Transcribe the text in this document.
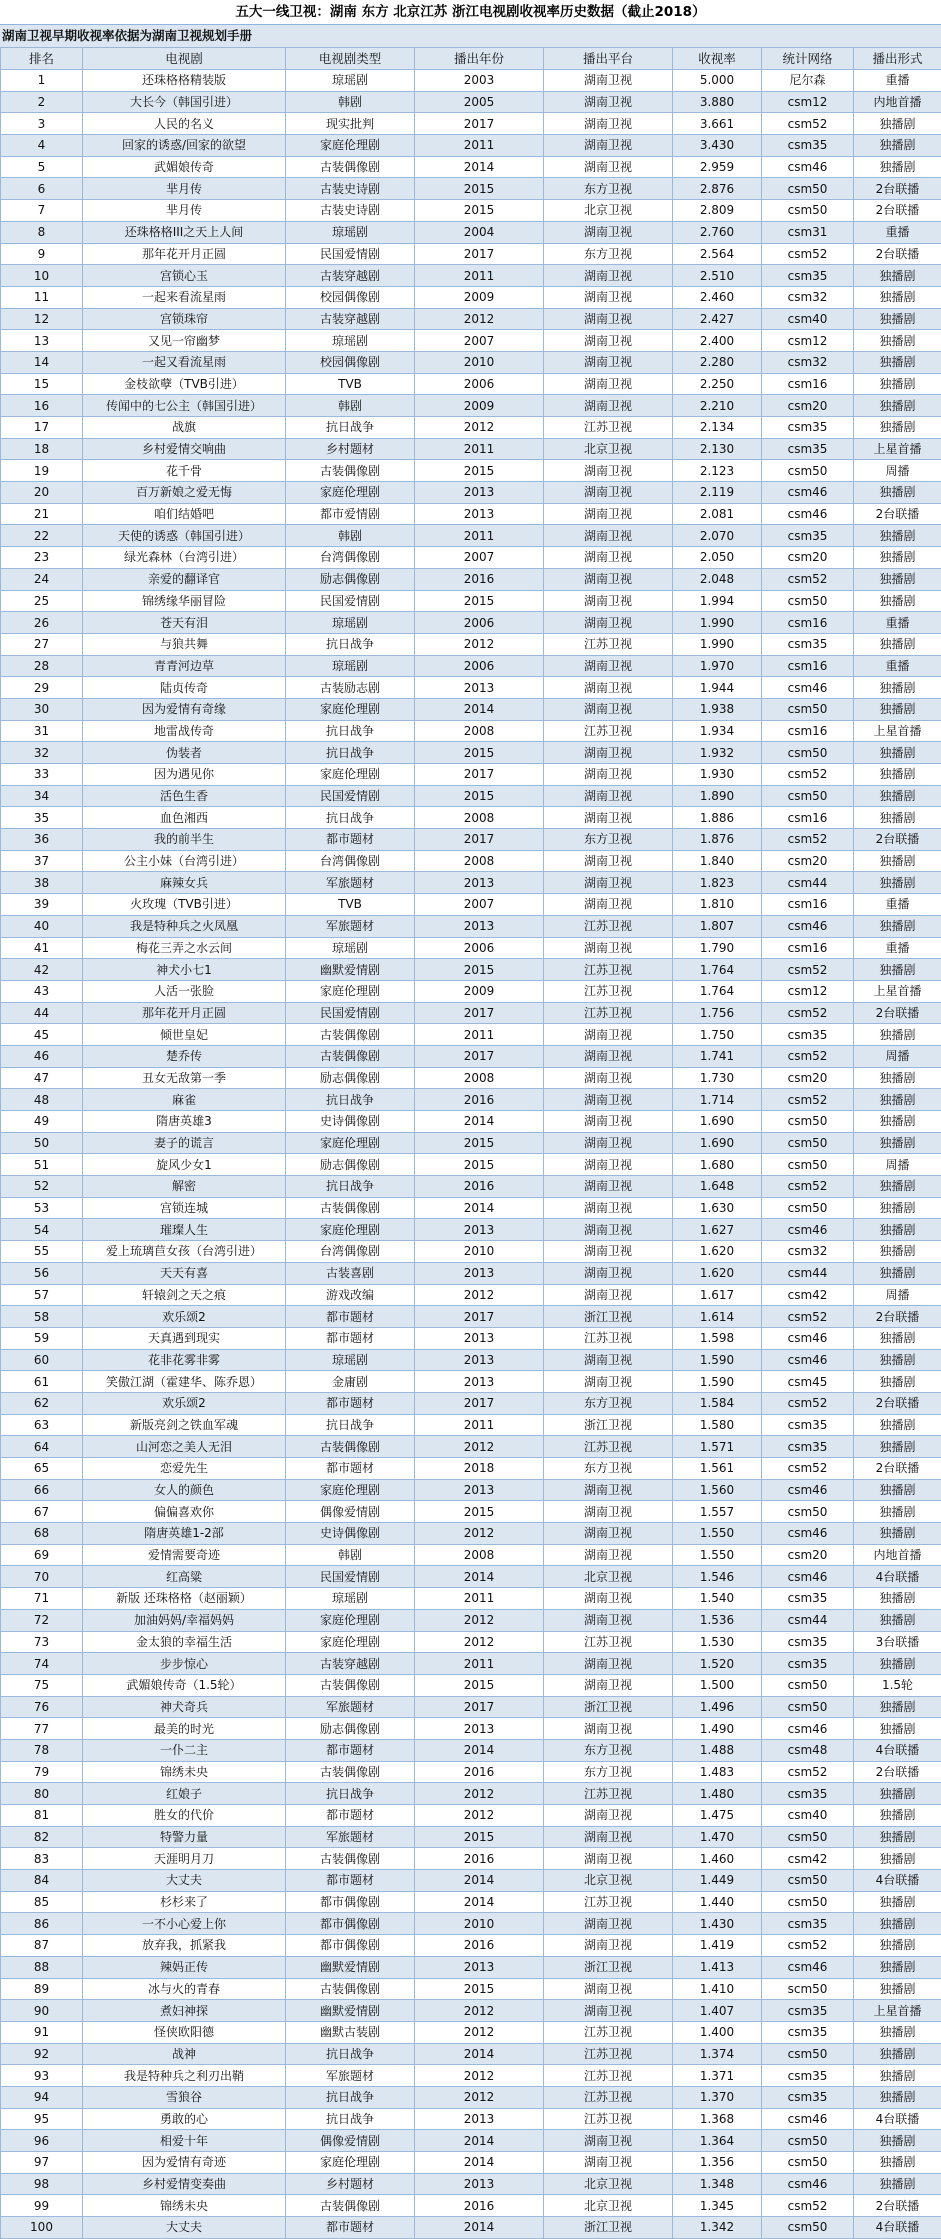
五大一线卫视：湖南 东方 北京江苏 浙江电视剧收视率历史数据（截止2018）
湖南卫视早期收视率依据为湖南卫视规划手册
排名	电视剧	电视剧类型	播出年份	播出平台	收视率	统计网络	播出形式
1	还珠格格精装版	琼瑶剧	2003	湖南卫视	5.000	尼尔森	重播
2	大长今（韩国引进）	韩剧	2005	湖南卫视	3.880	csm12	内地首播
3	人民的名义	现实批判	2017	湖南卫视	3.661	csm52	独播剧
4	回家的诱惑/回家的欲望	家庭伦理剧	2011	湖南卫视	3.430	csm35	独播剧
5	武媚娘传奇	古装偶像剧	2014	湖南卫视	2.959	csm46	独播剧
6	芈月传	古装史诗剧	2015	东方卫视	2.876	csm50	2台联播
7	芈月传	古装史诗剧	2015	北京卫视	2.809	csm50	2台联播
8	还珠格格III之天上人间	琼瑶剧	2004	湖南卫视	2.760	csm31	重播
9	那年花开月正圆	民国爱情剧	2017	东方卫视	2.564	csm52	2台联播
10	宫锁心玉	古装穿越剧	2011	湖南卫视	2.510	csm35	独播剧
11	一起来看流星雨	校园偶像剧	2009	湖南卫视	2.460	csm32	独播剧
12	宫锁珠帘	古装穿越剧	2012	湖南卫视	2.427	csm40	独播剧
13	又见一帘幽梦	琼瑶剧	2007	湖南卫视	2.400	csm12	独播剧
14	一起又看流星雨	校园偶像剧	2010	湖南卫视	2.280	csm32	独播剧
15	金枝欲孽（TVB引进）	TVB	2006	湖南卫视	2.250	csm16	独播剧
16	传闻中的七公主（韩国引进）	韩剧	2009	湖南卫视	2.210	csm20	独播剧
17	战旗	抗日战争	2012	江苏卫视	2.134	csm35	独播剧
18	乡村爱情交响曲	乡村题材	2011	北京卫视	2.130	csm35	上星首播
19	花千骨	古装偶像剧	2015	湖南卫视	2.123	csm50	周播
20	百万新娘之爱无悔	家庭伦理剧	2013	湖南卫视	2.119	csm46	独播剧
21	咱们结婚吧	都市爱情剧	2013	湖南卫视	2.081	csm46	2台联播
22	天使的诱惑（韩国引进）	韩剧	2011	湖南卫视	2.070	csm35	独播剧
23	绿光森林（台湾引进）	台湾偶像剧	2007	湖南卫视	2.050	csm20	独播剧
24	亲爱的翻译官	励志偶像剧	2016	湖南卫视	2.048	csm52	独播剧
25	锦绣缘华丽冒险	民国爱情剧	2015	湖南卫视	1.994	csm50	独播剧
26	苍天有泪	琼瑶剧	2006	湖南卫视	1.990	csm16	重播
27	与狼共舞	抗日战争	2012	江苏卫视	1.990	csm35	独播剧
28	青青河边草	琼瑶剧	2006	湖南卫视	1.970	csm16	重播
29	陆贞传奇	古装励志剧	2013	湖南卫视	1.944	csm46	独播剧
30	因为爱情有奇缘	家庭伦理剧	2014	湖南卫视	1.938	csm50	独播剧
31	地雷战传奇	抗日战争	2008	江苏卫视	1.934	csm16	上星首播
32	伪装者	抗日战争	2015	湖南卫视	1.932	csm50	独播剧
33	因为遇见你	家庭伦理剧	2017	湖南卫视	1.930	csm52	独播剧
34	活色生香	民国爱情剧	2015	湖南卫视	1.890	csm50	独播剧
35	血色湘西	抗日战争	2008	湖南卫视	1.886	csm16	独播剧
36	我的前半生	都市题材	2017	东方卫视	1.876	csm52	2台联播
37	公主小妹（台湾引进）	台湾偶像剧	2008	湖南卫视	1.840	csm20	独播剧
38	麻辣女兵	军旅题材	2013	湖南卫视	1.823	csm44	独播剧
39	火玫瑰（TVB引进）	TVB	2007	湖南卫视	1.810	csm16	重播
40	我是特种兵之火凤凰	军旅题材	2013	江苏卫视	1.807	csm46	独播剧
41	梅花三弄之水云间	琼瑶剧	2006	湖南卫视	1.790	csm16	重播
42	神犬小七1	幽默爱情剧	2015	江苏卫视	1.764	csm52	独播剧
43	人活一张脸	家庭伦理剧	2009	江苏卫视	1.764	csm12	上星首播
44	那年花开月正圆	民国爱情剧	2017	江苏卫视	1.756	csm52	2台联播
45	倾世皇妃	古装偶像剧	2011	湖南卫视	1.750	csm35	独播剧
46	楚乔传	古装偶像剧	2017	湖南卫视	1.741	csm52	周播
47	丑女无敌第一季	励志偶像剧	2008	湖南卫视	1.730	csm20	独播剧
48	麻雀	抗日战争	2016	湖南卫视	1.714	csm52	独播剧
49	隋唐英雄3	史诗偶像剧	2014	湖南卫视	1.690	csm50	独播剧
50	妻子的谎言	家庭伦理剧	2015	湖南卫视	1.690	csm50	独播剧
51	旋风少女1	励志偶像剧	2015	湖南卫视	1.680	csm50	周播
52	解密	抗日战争	2016	湖南卫视	1.648	csm52	独播剧
53	宫锁连城	古装偶像剧	2014	湖南卫视	1.630	csm50	独播剧
54	璀璨人生	家庭伦理剧	2013	湖南卫视	1.627	csm46	独播剧
55	爱上琉璃苣女孩（台湾引进）	台湾偶像剧	2010	湖南卫视	1.620	csm32	独播剧
56	天天有喜	古装喜剧	2013	湖南卫视	1.620	csm44	独播剧
57	轩辕剑之天之痕	游戏改编	2012	湖南卫视	1.617	csm42	周播
58	欢乐颂2	都市题材	2017	浙江卫视	1.614	csm52	2台联播
59	天真遇到现实	都市题材	2013	江苏卫视	1.598	csm46	独播剧
60	花非花雾非雾	琼瑶剧	2013	湖南卫视	1.590	csm46	独播剧
61	笑傲江湖（霍建华、陈乔恩）	金庸剧	2013	湖南卫视	1.590	csm45	独播剧
62	欢乐颂2	都市题材	2017	东方卫视	1.584	csm52	2台联播
63	新版亮剑之铁血军魂	抗日战争	2011	浙江卫视	1.580	csm35	独播剧
64	山河恋之美人无泪	古装偶像剧	2012	江苏卫视	1.571	csm35	独播剧
65	恋爱先生	都市题材	2018	东方卫视	1.561	csm52	2台联播
66	女人的颜色	家庭伦理剧	2013	湖南卫视	1.560	csm46	独播剧
67	偏偏喜欢你	偶像爱情剧	2015	湖南卫视	1.557	csm50	独播剧
68	隋唐英雄1-2部	史诗偶像剧	2012	湖南卫视	1.550	csm46	独播剧
69	爱情需要奇迹	韩剧	2008	湖南卫视	1.550	csm20	内地首播
70	红高粱	民国爱情剧	2014	北京卫视	1.546	csm46	4台联播
71	新版 还珠格格（赵丽颖）	琼瑶剧	2011	湖南卫视	1.540	csm35	独播剧
72	加油妈妈/幸福妈妈	家庭伦理剧	2012	湖南卫视	1.536	csm44	独播剧
73	金太狼的幸福生活	家庭伦理剧	2012	江苏卫视	1.530	csm35	3台联播
74	步步惊心	古装穿越剧	2011	湖南卫视	1.520	csm35	独播剧
75	武媚娘传奇（1.5轮）	古装偶像剧	2015	湖南卫视	1.500	csm50	1.5轮
76	神犬奇兵	军旅题材	2017	浙江卫视	1.496	csm50	独播剧
77	最美的时光	励志偶像剧	2013	湖南卫视	1.490	csm46	独播剧
78	一仆二主	都市题材	2014	东方卫视	1.488	csm48	4台联播
79	锦绣未央	古装偶像剧	2016	东方卫视	1.483	csm52	2台联播
80	红娘子	抗日战争	2012	江苏卫视	1.480	csm35	独播剧
81	胜女的代价	都市题材	2012	湖南卫视	1.475	csm40	独播剧
82	特警力量	军旅题材	2015	湖南卫视	1.470	csm50	独播剧
83	天涯明月刀	古装偶像剧	2016	湖南卫视	1.460	csm42	独播剧
84	大丈夫	都市题材	2014	北京卫视	1.449	csm50	4台联播
85	杉杉来了	都市偶像剧	2014	江苏卫视	1.440	csm50	独播剧
86	一不小心爱上你	都市偶像剧	2010	湖南卫视	1.430	csm35	独播剧
87	放弃我，抓紧我	都市偶像剧	2016	湖南卫视	1.419	csm52	独播剧
88	辣妈正传	幽默爱情剧	2013	浙江卫视	1.413	csm46	独播剧
89	冰与火的青春	古装偶像剧	2015	湖南卫视	1.410	scm50	独播剧
90	煮妇神探	幽默爱情剧	2012	湖南卫视	1.407	csm35	上星首播
91	怪侠欧阳德	幽默古装剧	2012	江苏卫视	1.400	csm35	独播剧
92	战神	抗日战争	2014	江苏卫视	1.374	csm50	独播剧
93	我是特种兵之利刃出鞘	军旅题材	2012	江苏卫视	1.371	csm35	独播剧
94	雪狼谷	抗日战争	2012	江苏卫视	1.370	csm35	独播剧
95	勇敢的心	抗日战争	2013	江苏卫视	1.368	csm46	4台联播
96	相爱十年	偶像爱情剧	2014	湖南卫视	1.364	csm50	独播剧
97	因为爱情有奇迹	家庭伦理剧	2014	湖南卫视	1.356	csm50	独播剧
98	乡村爱情变奏曲	乡村题材	2013	北京卫视	1.348	csm46	独播剧
99	锦绣未央	古装偶像剧	2016	北京卫视	1.345	csm52	2台联播
100	大丈夫	都市题材	2014	浙江卫视	1.342	csm50	4台联播
